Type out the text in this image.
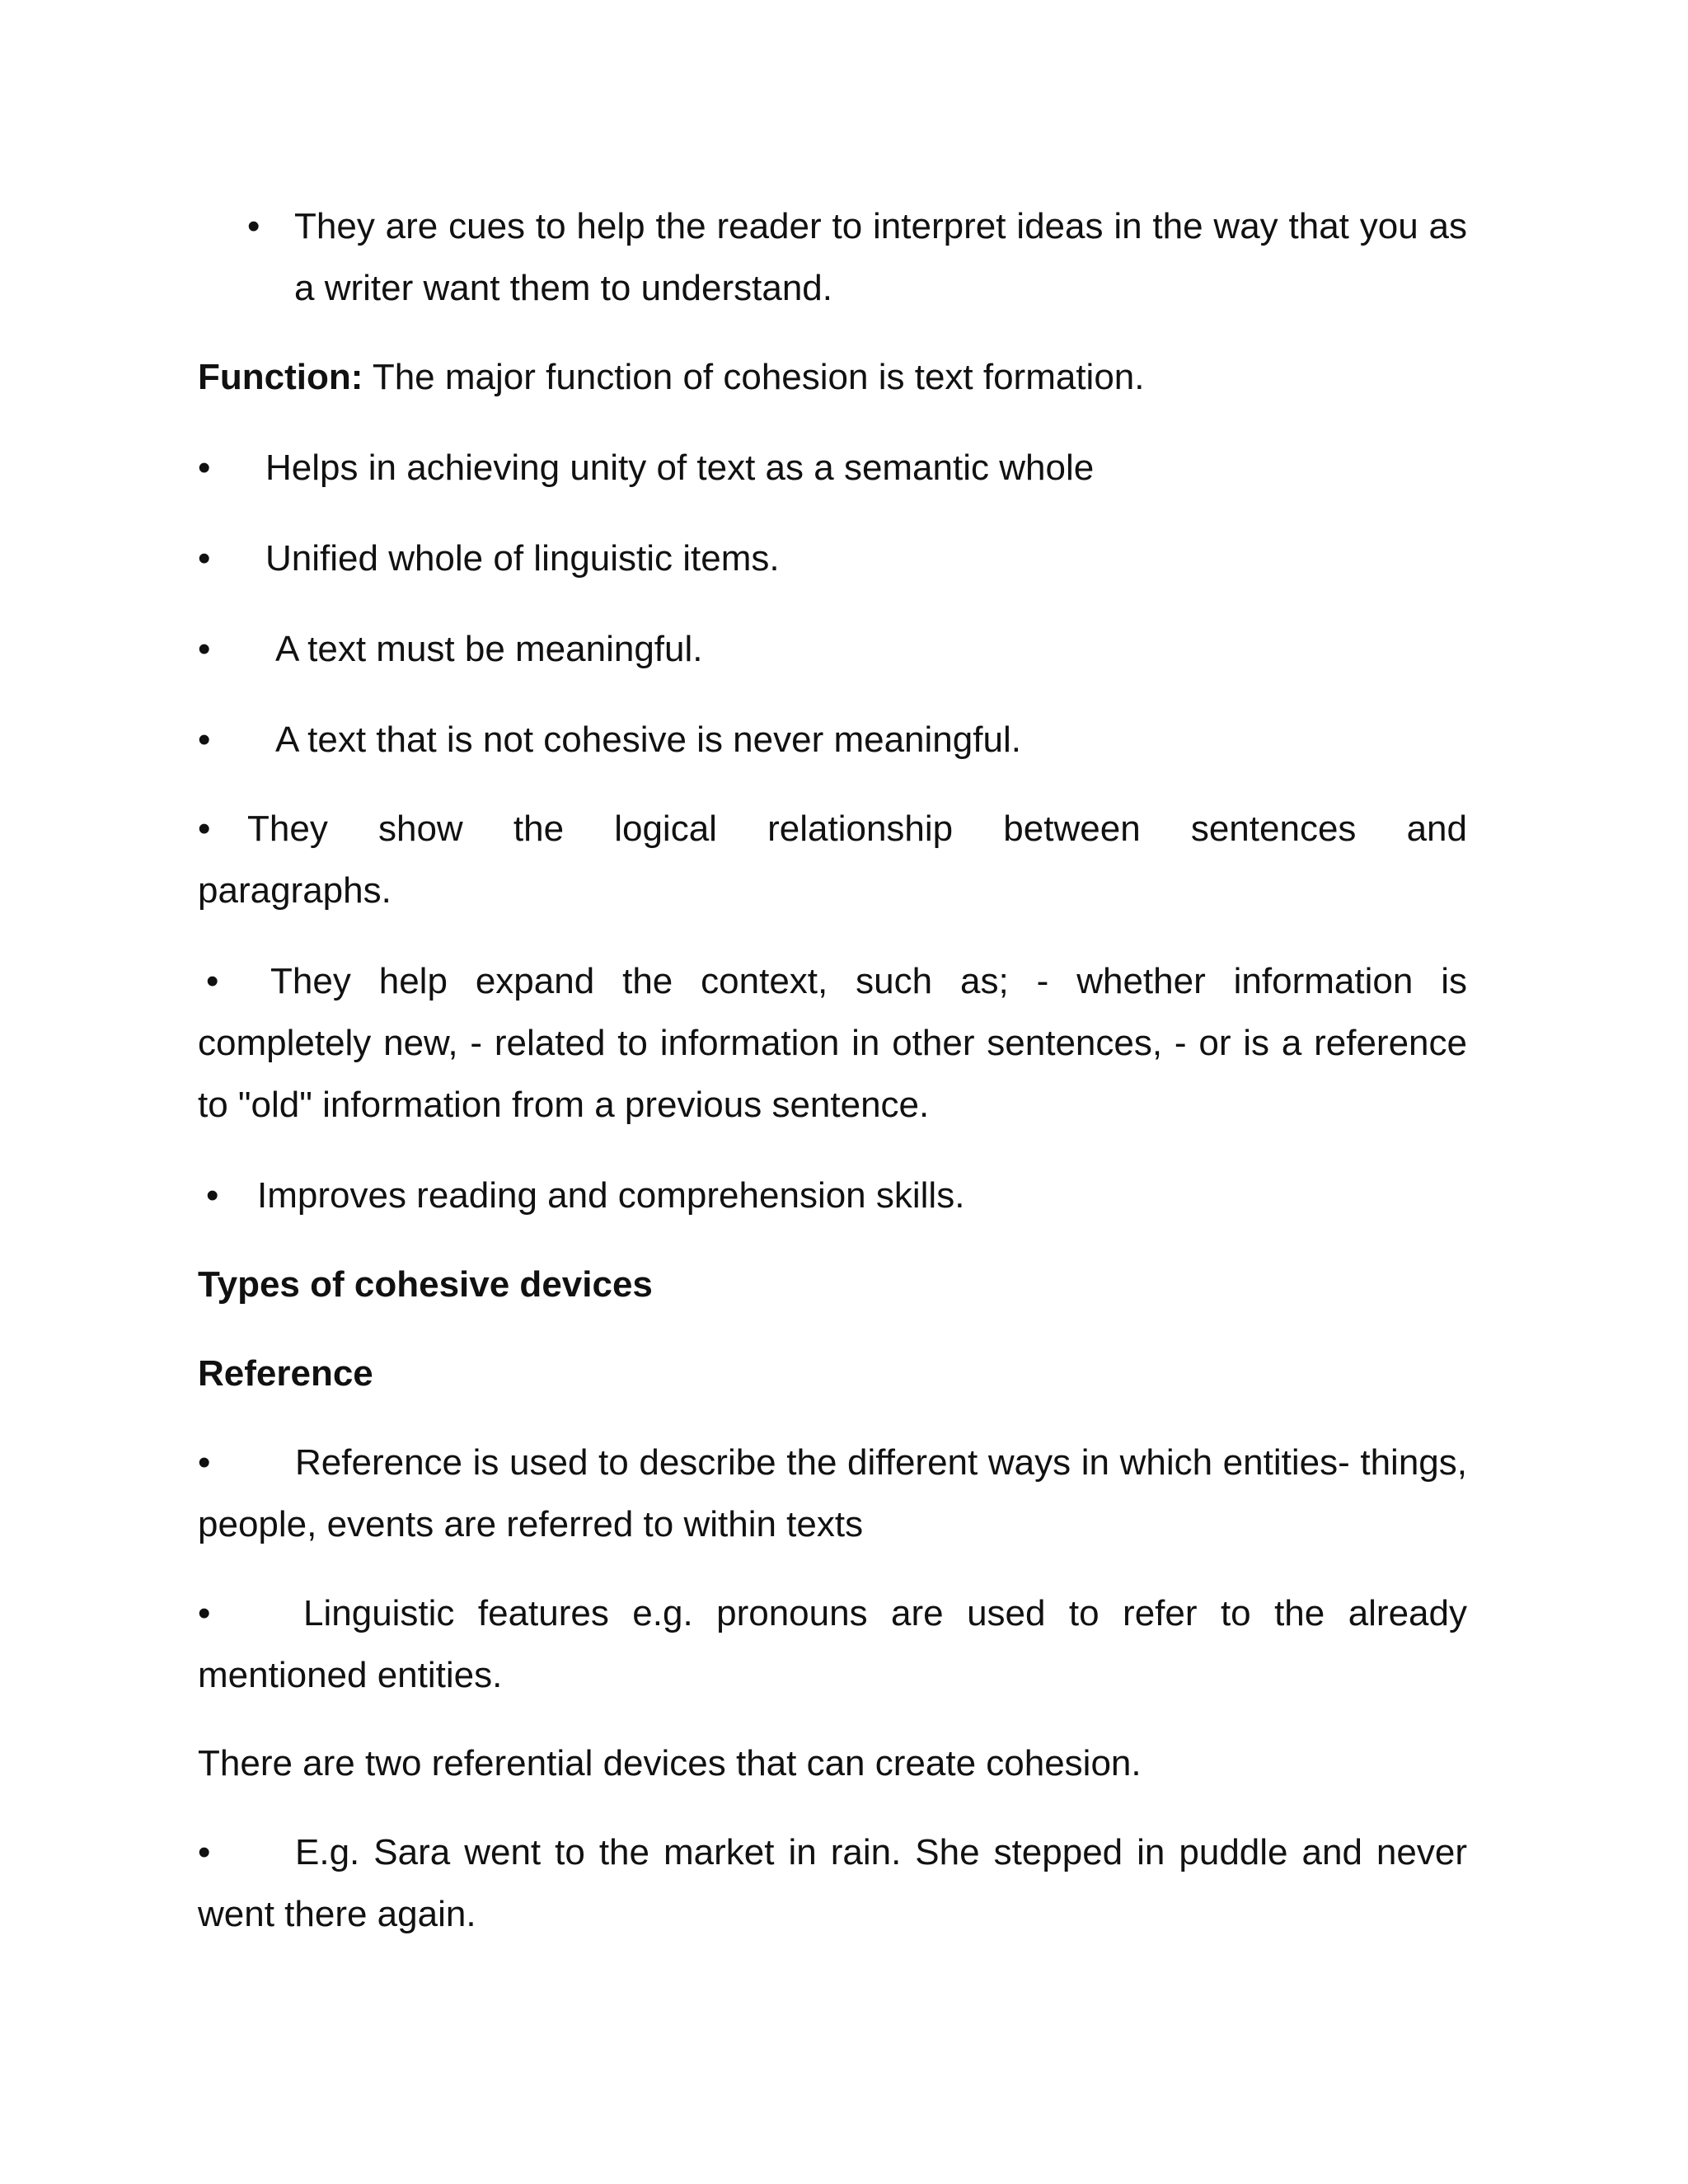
• They are cues to help the reader to interpret ideas in the way that you as a writer want them to understand.

Function: The major function of cohesion is text formation.

• Helps in achieving unity of text as a semantic whole

• Unified whole of linguistic items.

• A text must be meaningful.

• A text that is not cohesive is never meaningful.

• They show the logical relationship between sentences and paragraphs.

• They help expand the context, such as; - whether information is completely new, - related to information in other sentences, - or is a reference to "old" information from a previous sentence.

• Improves reading and comprehension skills.

Types of cohesive devices

Reference

• Reference is used to describe the different ways in which entities- things, people, events are referred to within texts

•	Linguistic features e.g. pronouns are used to refer to the already mentioned entities.

There are two referential devices that can create cohesion.

• E.g. Sara went to the market in rain. She stepped in puddle and never went there again.
